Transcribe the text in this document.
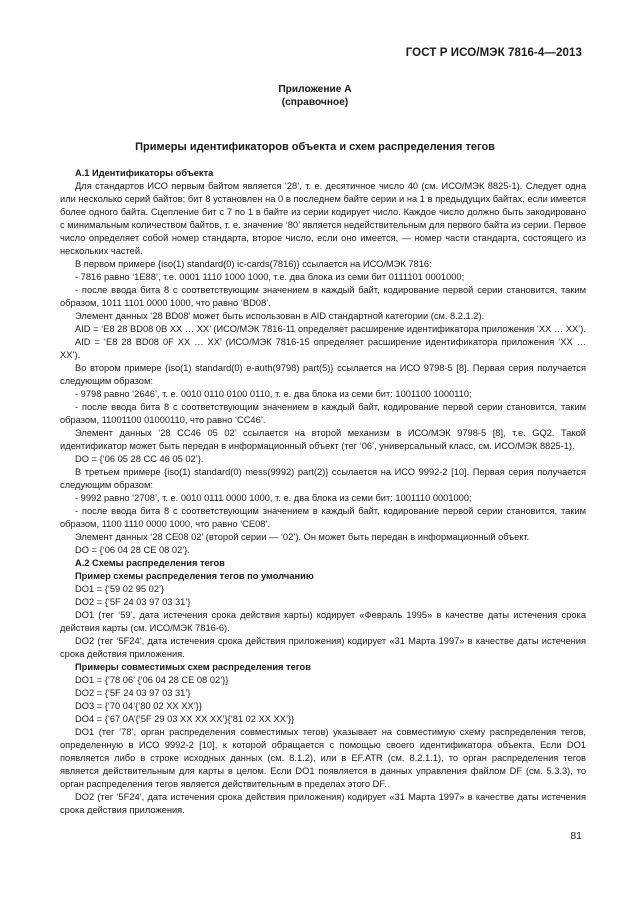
ГОСТ Р ИСО/МЭК 7816-4—2013
Приложение А
(справочное)
Примеры идентификаторов объекта и схем распределения тегов

А.1 Идентификаторы объекта

Для стандартов ИСО первым байтом является ‘28’, т. е. десятичное число 40 (см. ИСО/МЭК 8825-1). Следует одна или несколько серий байтов; бит 8 установлен на 0 в последнем байте серии и на 1 в предыдущих байтах, если имеется более одного байта. Сцепление бит с 7 по 1 в байте из серии кодирует число. Каждое число должно быть закодировано с минимальным количеством байтов, т. е. значение ‘80’ является недействительным для первого байта из серии. Первое число определяет собой номер стандарта, второе число, если оно имеется, — номер части стандарта, состоящего из нескольких частей.

В первом примере {iso(1) standard(0) ic-cards(7816)} ссылается на ИСО/МЭК 7816:

- 7816 равно ‘1E88’, т.е. 0001 1110 1000 1000, т.е. два блока из семи бит 0111101 0001000;

- после ввода бита 8 с соответствующим значением в каждый байт, кодирование первой серии становится, таким образом, 1011 1101 0000 1000, что равно ‘BD08’.

Элемент данных ‘28 BD08’ может быть использован в AID стандартной категории (см. 8.2.1.2).

AID = ‘E8 28 BD08 0B XX … XX’ (ИСО/МЭК 7816-11 определяет расширение идентификатора приложения ‘XX … XX’).

AID = ‘E8 28 BD08 0F XX … XX’ (ИСО/МЭК 7816-15 определяет расширение идентификатора приложения ‘XX … XX’).

Во втором примере {iso(1) standard(0) e-auth(9798) part(5)} ссылается на ИСО 9798-5 [8]. Первая серия получается следующим образом:

- 9798 равно ‘2646’, т. е. 0010 0110 0100 0110, т. е. два блока из семи бит: 1001100 1000110;

- после ввода бита 8 с соответствующим значением в каждый байт, кодирование первой серии становится, таким образом, 11001100 01000110, что равно ‘CC46’.

Элемент данных ‘28 CC46 05 02’ ссылается на второй механизм в ИСО/МЭК 9798-5 [8], т.е. GQ2. Такой идентификатор может быть передан в информационный объект (тег ‘06’, универсальный класс, см. ИСО/МЭК 8825-1).

DO = {‘06 05 28 CC 46 05 02’}.

В третьем примере {iso(1) standard(0) mess(9992) part(2)} ссылается на ИСО 9992-2 [10]. Первая серия получается следующим образом:

- 9992 равно ‘2708’, т. е. 0010 0111 0000 1000, т. е. два блока из семи бит: 1001110 0001000;

- после ввода бита 8 с соответствующим значением в каждый байт, кодирование первой серии становится, таким образом, 1100 1110 0000 1000, что равно ‘CE08’.

Элемент данных ‘28 CE08 02’ (второй серии — ‘02’). Он может быть передан в информационный объект.

DO = {‘06 04 28 CE 08 02’}.

А.2 Схемы распределения тегов

Пример схемы распределения тегов по умолчанию

DO1 = {‘59 02 95 02’}

DO2 = {‘5F 24 03 97 03 31’}

DO1 (тег ‘59’, дата истечения срока действия карты) кодирует «Февраль 1995» в качестве даты истечения срока действия карты (см. ИСО/МЭК 7816-6).

DO2 (тег ‘5F24’, дата истечения срока действия приложения) кодирует «31 Марта 1997» в качестве даты истечения срока действия приложения.

Примеры совместимых схем распределения тегов

DO1 = {‘78 06’ {‘06 04 28 CE 08 02’}}

DO2 = {‘5F 24 03 97 03 31’}

DO3 = {‘70 04’{‘80 02 XX XX’}}

DO4 = {‘67 0A’{‘5F 29 03 XX XX XX’}{‘81 02 XX XX’}}

DO1 (тег ‘78’, орган распределения совместимых тегов) указывает на совместимую схему распределения тегов, определенную в ИСО 9992-2 [10], к которой обращается с помощью своего идентификатора объекта. Если DO1 появляется либо в строке исходных данных (см. 8.1.2), или в EF.ATR (см. 8.2.1.1), то орган распределения тегов является действительным для карты в целом. Если DO1 появляется в данных управления файлом DF (см. 5.3.3), то орган распределения тегов является действительным в пределах этого DF.

DO2 (тег ‘5F24’, дата истечения срока действия приложения) кодирует «31 Марта 1997» в качестве даты истечения срока действия приложения.

81
